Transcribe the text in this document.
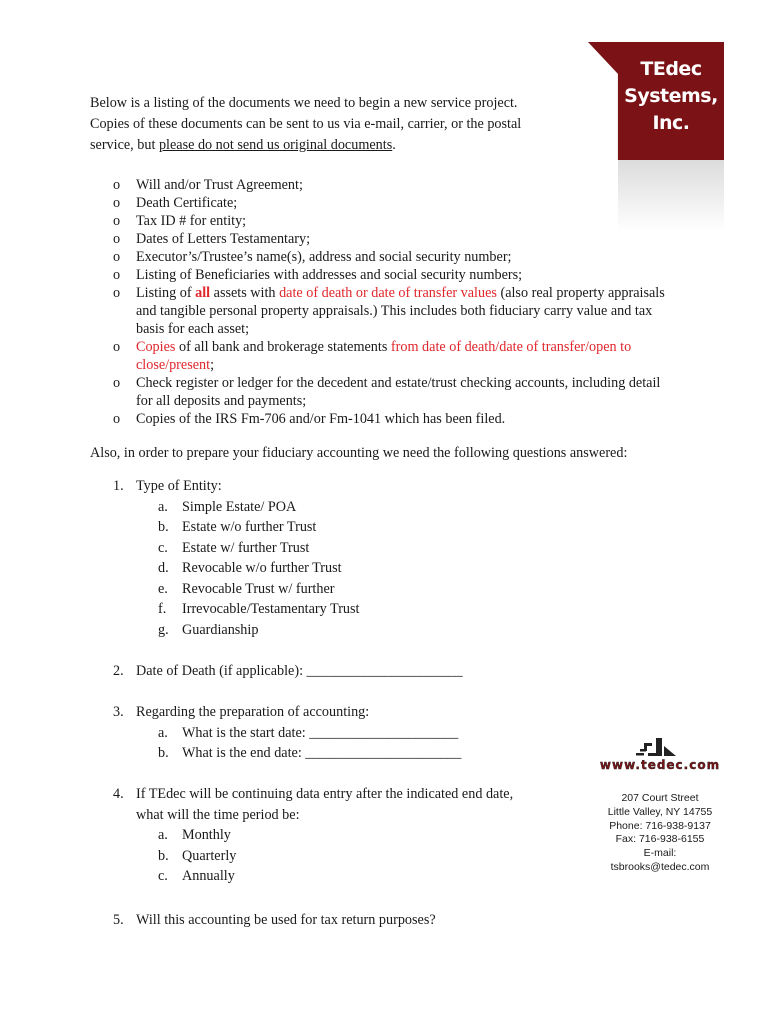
TEdec
Systems,
Inc.
Below is a listing of the documents we need to begin a new service project.
Copies of these documents can be sent to us via e-mail, carrier, or the postal
service, but please do not send us original documents.
o Will and/or Trust Agreement;
o Death Certificate;
o Tax ID # for entity;
o Dates of Letters Testamentary;
o Executor’s/Trustee’s name(s), address and social security number;
o Listing of Beneficiaries with addresses and social security numbers;
o Listing of all assets with date of death or date of transfer values (also real property appraisals and tangible personal property appraisals.) This includes both fiduciary carry value and tax basis for each asset;
o Copies of all bank and brokerage statements from date of death/date of transfer/open to close/present;
o Check register or ledger for the decedent and estate/trust checking accounts, including detail for all deposits and payments;
o Copies of the IRS Fm-706 and/or Fm-1041 which has been filed.
Also, in order to prepare your fiduciary accounting we need the following questions answered:
1. Type of Entity:
a. Simple Estate/ POA
b. Estate w/o further Trust
c. Estate w/ further Trust
d. Revocable w/o further Trust
e. Revocable Trust w/ further
f. Irrevocable/Testamentary Trust
g. Guardianship
2. Date of Death (if applicable): ______________________
3. Regarding the preparation of accounting:
a. What is the start date: _____________________
b. What is the end date: ______________________
4. If TEdec will be continuing data entry after the indicated end date,
what will the time period be:
a. Monthly
b. Quarterly
c. Annually
5. Will this accounting be used for tax return purposes?
www.tedec.com
207 Court Street
Little Valley, NY 14755
Phone: 716-938-9137
Fax: 716-938-6155
E-mail:
tsbrooks@tedec.com
